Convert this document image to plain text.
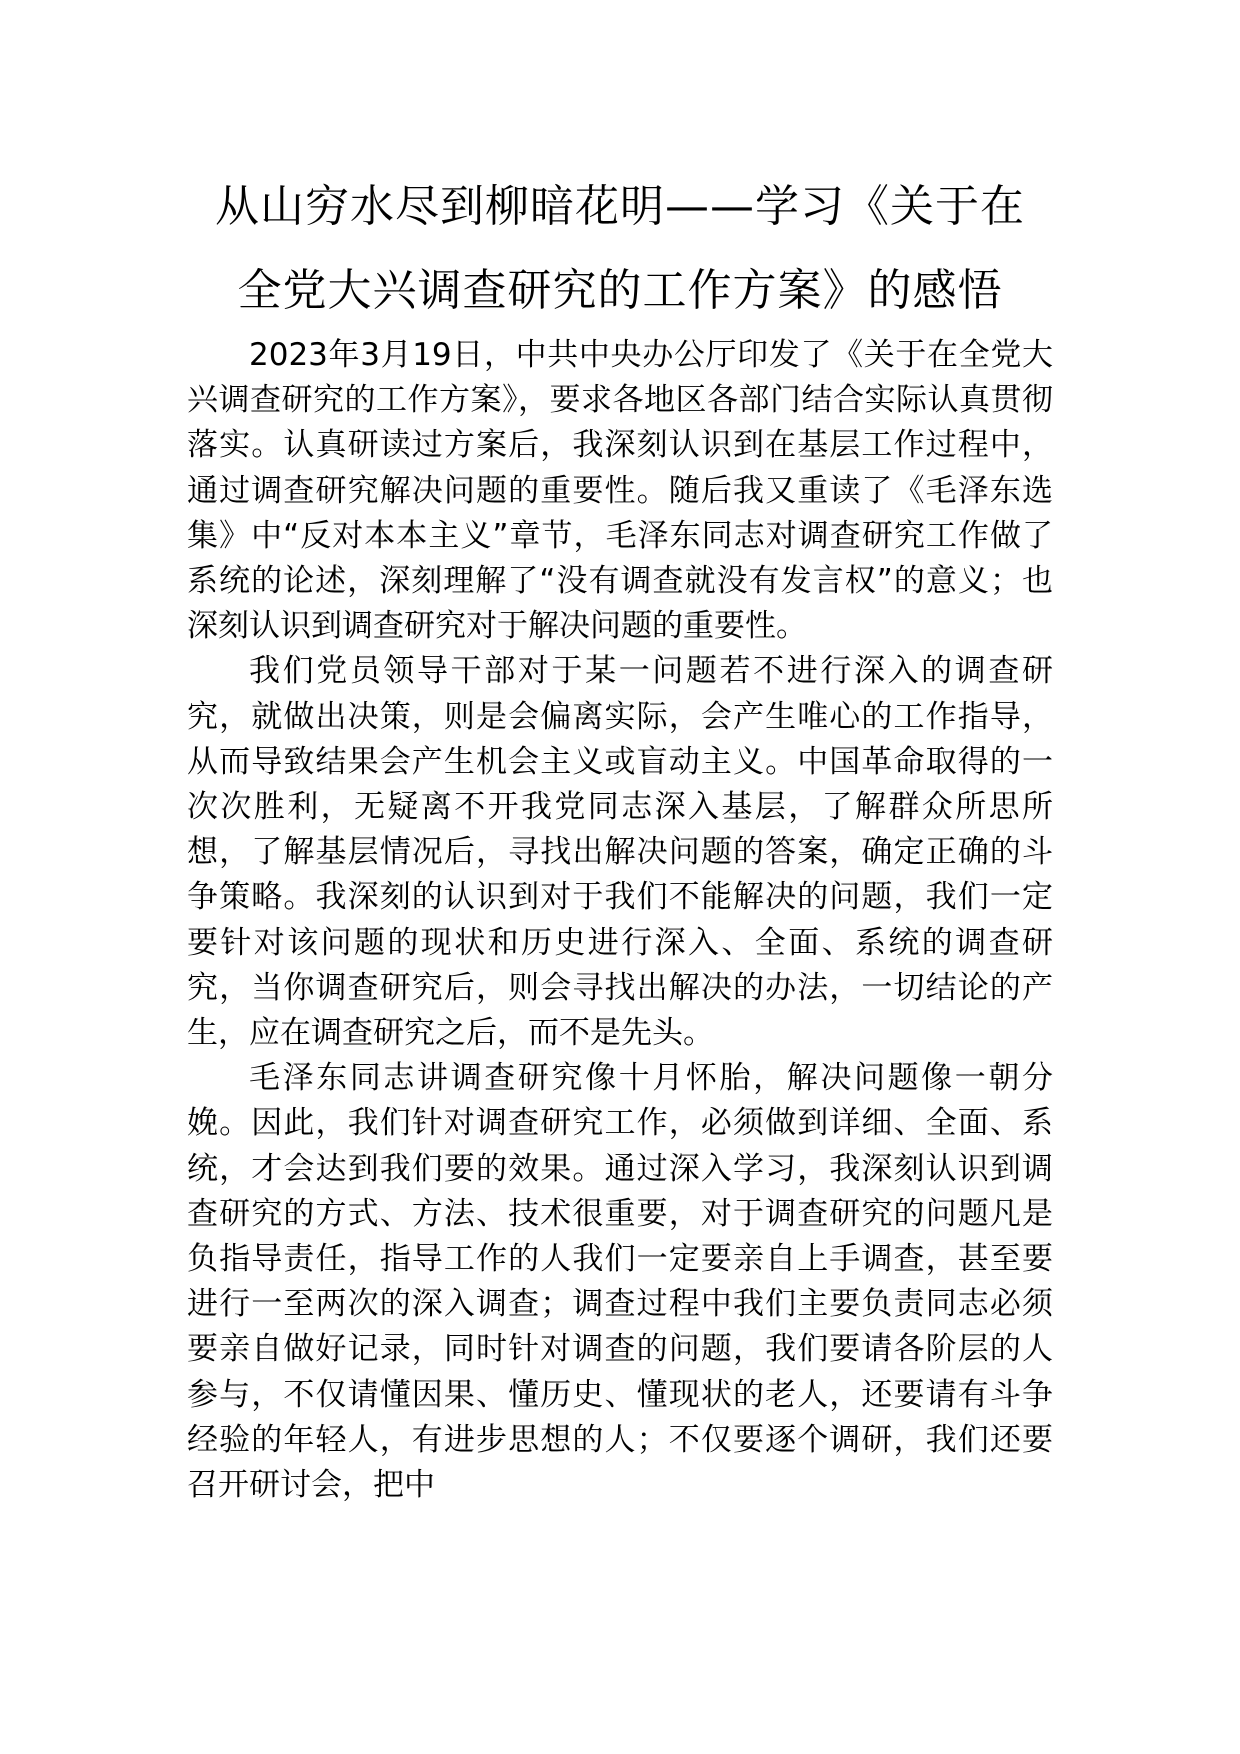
从山穷水尽到柳暗花明——学习《关于在
全党大兴调查研究的工作方案》的感悟

2023年3月19日，中共中央办公厅印发了《关于在全党大兴调查研究的工作方案》，要求各地区各部门结合实际认真贯彻落实。认真研读过方案后，我深刻认识到在基层工作过程中，通过调查研究解决问题的重要性。随后我又重读了《毛泽东选集》中“反对本本主义”章节，毛泽东同志对调查研究工作做了系统的论述，深刻理解了“没有调查就没有发言权”的意义；也深刻认识到调查研究对于解决问题的重要性。

我们党员领导干部对于某一问题若不进行深入的调查研究，就做出决策，则是会偏离实际，会产生唯心的工作指导，从而导致结果会产生机会主义或盲动主义。中国革命取得的一次次胜利，无疑离不开我党同志深入基层，了解群众所思所想，了解基层情况后，寻找出解决问题的答案，确定正确的斗争策略。我深刻的认识到对于我们不能解决的问题，我们一定要针对该问题的现状和历史进行深入、全面、系统的调查研究，当你调查研究后，则会寻找出解决的办法，一切结论的产生，应在调查研究之后，而不是先头。

毛泽东同志讲调查研究像十月怀胎，解决问题像一朝分娩。因此，我们针对调查研究工作，必须做到详细、全面、系统，才会达到我们要的效果。通过深入学习，我深刻认识到调查研究的方式、方法、技术很重要，对于调查研究的问题凡是负指导责任，指导工作的人我们一定要亲自上手调查，甚至要进行一至两次的深入调查；调查过程中我们主要负责同志必须要亲自做好记录，同时针对调查的问题，我们要请各阶层的人参与，不仅请懂因果、懂历史、懂现状的老人，还要请有斗争经验的年轻人，有进步思想的人；不仅要逐个调研，我们还要召开研讨会，把中
